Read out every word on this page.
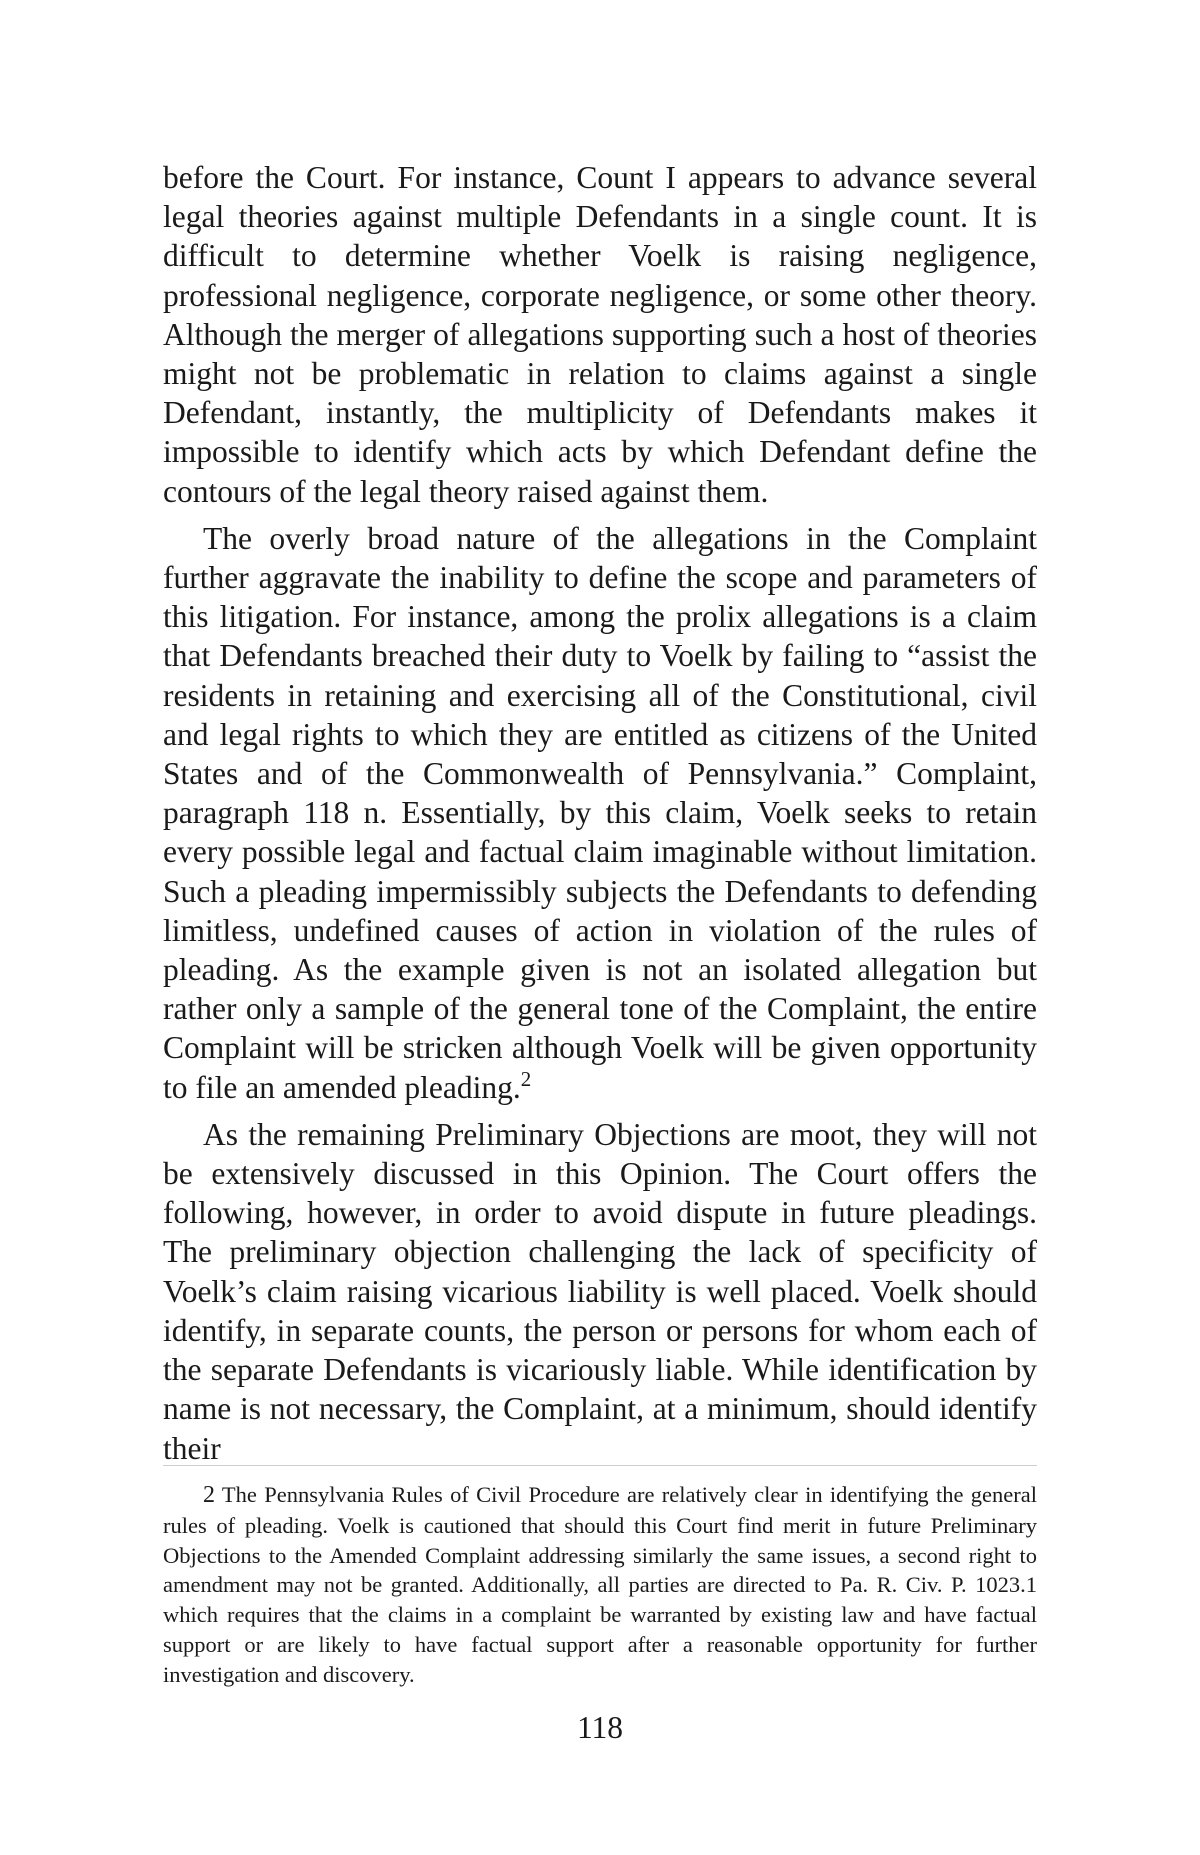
before the Court. For instance, Count I appears to advance several legal theories against multiple Defendants in a single count. It is difficult to determine whether Voelk is raising negligence, professional negligence, corporate negligence, or some other theory. Although the merger of allegations supporting such a host of theories might not be problematic in relation to claims against a single Defendant, instantly, the multiplicity of Defendants makes it impossible to identify which acts by which Defendant define the contours of the legal theory raised against them.

The overly broad nature of the allegations in the Complaint further aggravate the inability to define the scope and parameters of this litigation. For instance, among the prolix allegations is a claim that Defendants breached their duty to Voelk by failing to “assist the residents in retaining and exercising all of the Constitutional, civil and legal rights to which they are entitled as citizens of the United States and of the Commonwealth of Pennsylvania.” Complaint, paragraph 118 n. Essentially, by this claim, Voelk seeks to retain every possible legal and factual claim imaginable without limitation. Such a pleading impermissibly subjects the Defendants to defending limitless, undefined causes of action in violation of the rules of pleading. As the example given is not an isolated allegation but rather only a sample of the general tone of the Complaint, the entire Complaint will be stricken although Voelk will be given opportunity to file an amended pleading.$^2$

As the remaining Preliminary Objections are moot, they will not be extensively discussed in this Opinion. The Court offers the following, however, in order to avoid dispute in future pleadings. The preliminary objection challenging the lack of specificity of Voelk’s claim raising vicarious liability is well placed. Voelk should identify, in separate counts, the person or persons for whom each of the separate Defendants is vicariously liable. While identification by name is not necessary, the Complaint, at a minimum, should identify their

2 The Pennsylvania Rules of Civil Procedure are relatively clear in identifying the general rules of pleading. Voelk is cautioned that should this Court find merit in future Preliminary Objections to the Amended Complaint addressing similarly the same issues, a second right to amendment may not be granted. Additionally, all parties are directed to Pa. R. Civ. P. 1023.1 which requires that the claims in a complaint be warranted by existing law and have factual support or are likely to have factual support after a reasonable opportunity for further investigation and discovery.

118
